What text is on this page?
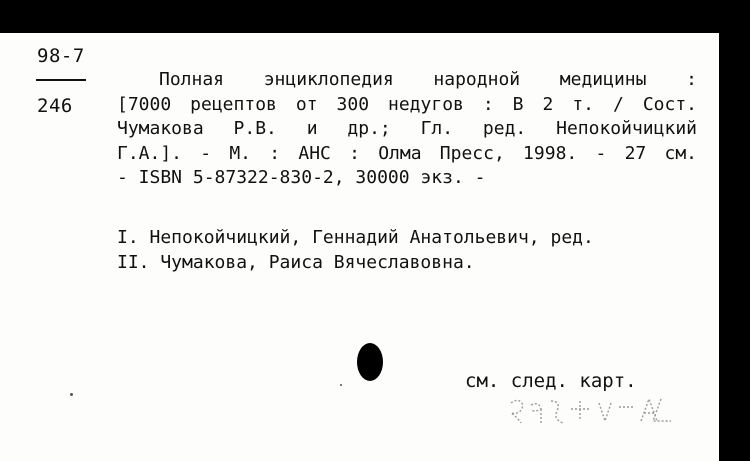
98-7
246
Полная энциклопедия народной медицины :
[7000 рецептов от 300 недугов : В 2 т. / Сост.
Чумакова Р.В. и др.; Гл. ред. Непокойчицкий
Г.А.]. - М. : АНС : Олма Пресс, 1998. - 27 см.
- ISBN 5-87322-830-2, 30000 экз. -
I. Непокойчицкий, Геннадий Анатольевич, ред.
II. Чумакова, Раиса Вячеславовна.
см. след. карт.
